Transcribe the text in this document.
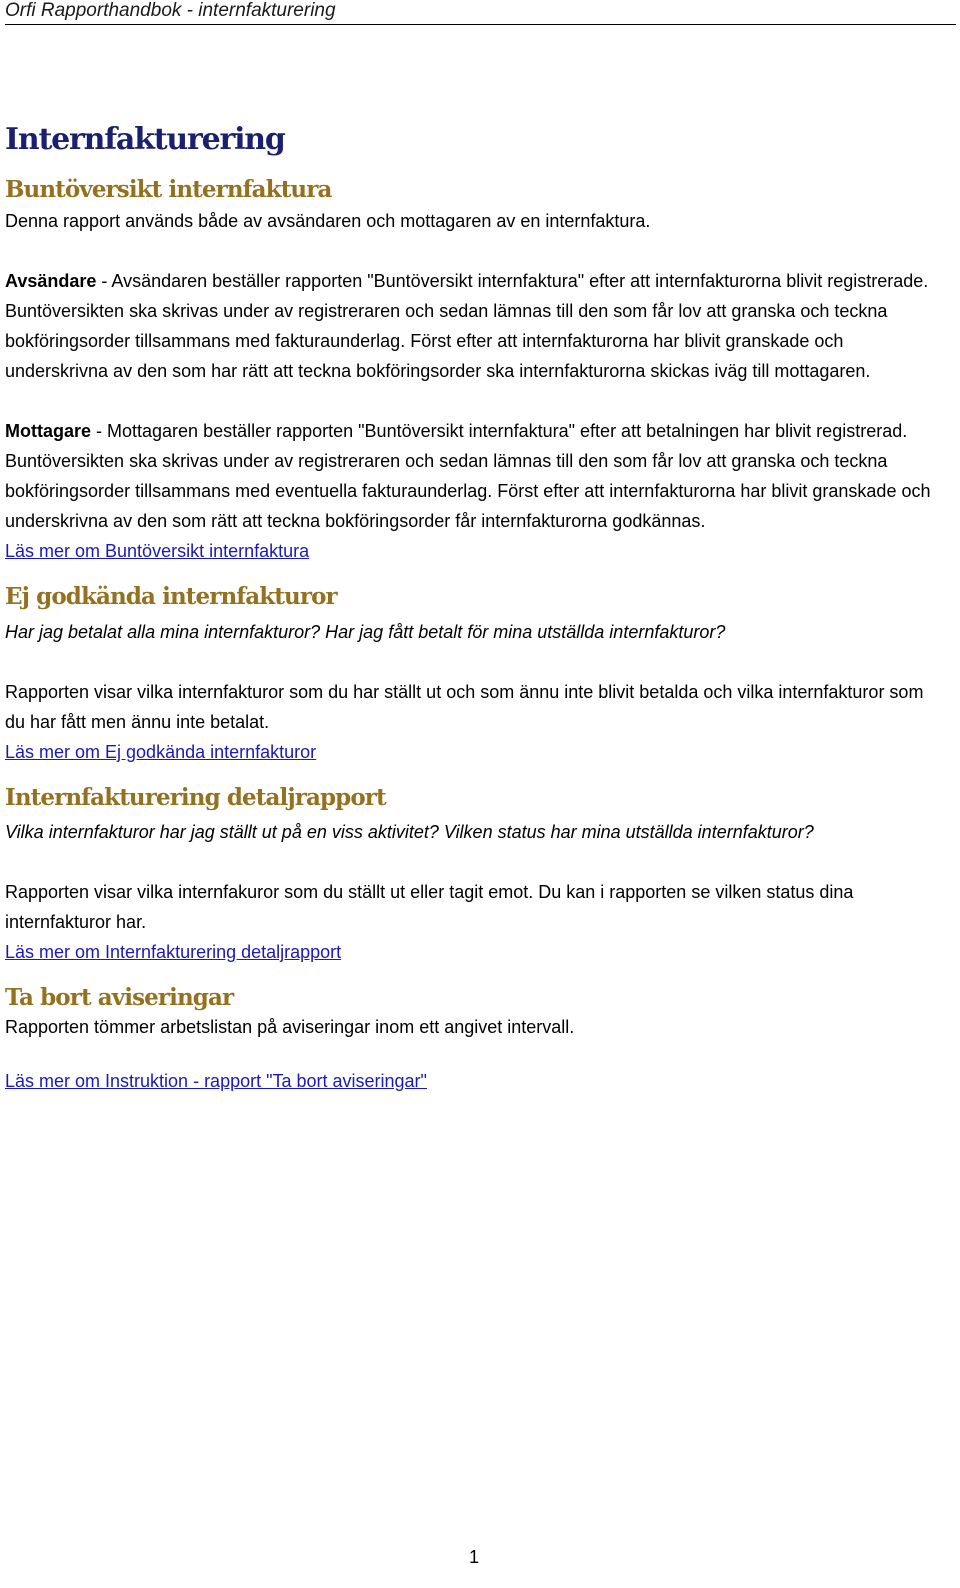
Orfi Rapporthandbok - internfakturering
Internfakturering
Buntöversikt internfaktura

Denna rapport används både av avsändaren och mottagaren av en internfaktura.

Avsändare - Avsändaren beställer rapporten "Buntöversikt internfaktura" efter att internfakturorna blivit registrerade. Buntöversikten ska skrivas under av registreraren och sedan lämnas till den som får lov att granska och teckna bokföringsorder tillsammans med fakturaunderlag. Först efter att internfakturorna har blivit granskade och underskrivna av den som har rätt att teckna bokföringsorder ska internfakturorna skickas iväg till mottagaren.

Mottagare - Mottagaren beställer rapporten "Buntöversikt internfaktura" efter att betalningen har blivit registrerad. Buntöversikten ska skrivas under av registreraren och sedan lämnas till den som får lov att granska och teckna bokföringsorder tillsammans med eventuella fakturaunderlag. Först efter att internfakturorna har blivit granskade och underskrivna av den som rätt att teckna bokföringsorder får internfakturorna godkännas.

Läs mer om Buntöversikt internfaktura

Ej godkända internfakturor

Har jag betalat alla mina internfakturor? Har jag fått betalt för mina utställda internfakturor?

Rapporten visar vilka internfakturor som du har ställt ut och som ännu inte blivit betalda och vilka internfakturor som du har fått men ännu inte betalat.

Läs mer om Ej godkända internfakturor

Internfakturering detaljrapport

Vilka internfakturor har jag ställt ut på en viss aktivitet? Vilken status har mina utställda internfakturor?

Rapporten visar vilka internfakuror som du ställt ut eller tagit emot. Du kan i rapporten se vilken status dina internfakturor har.

Läs mer om Internfakturering detaljrapport

Ta bort aviseringar

Rapporten tömmer arbetslistan på aviseringar inom ett angivet intervall.

Läs mer om Instruktion - rapport "Ta bort aviseringar"

1
